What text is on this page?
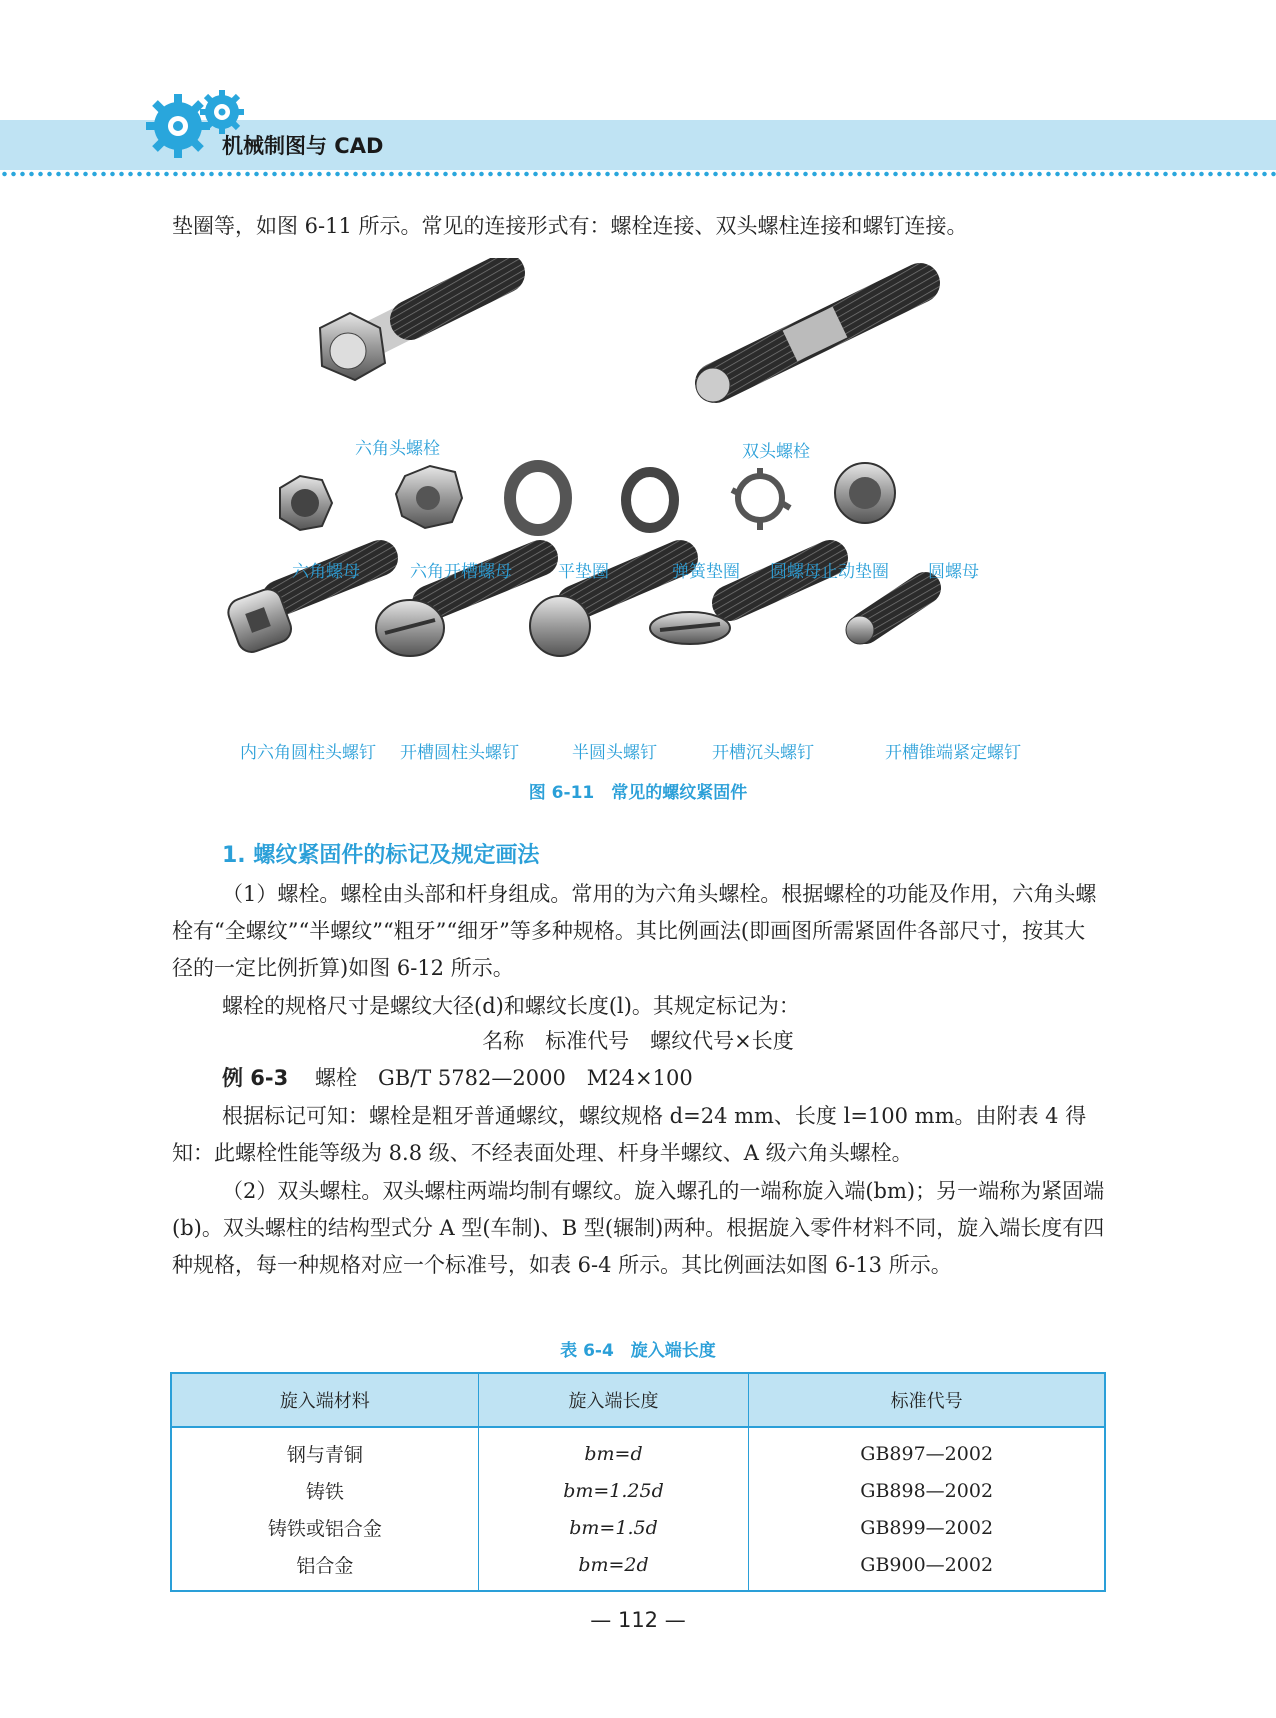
机械制图与 CAD

垫圈等，如图 6-11 所示。常见的连接形式有：螺栓连接、双头螺柱连接和螺钉连接。

六角头螺栓	双头螺栓
六角螺母	六角开槽螺母	平垫圈	弹簧垫圈 圆螺母止动垫圈 圆螺母
内六角圆柱头螺钉 开槽圆柱头螺钉	半圆头螺钉	开槽沉头螺钉	开槽锥端紧定螺钉
图 6-11　常见的螺纹紧固件
1. 螺纹紧固件的标记及规定画法

（1）螺栓。螺栓由头部和杆身组成。常用的为六角头螺栓。根据螺栓的功能及作用，六角头螺栓有“全螺纹”“半螺纹”“粗牙”“细牙”等多种规格。其比例画法(即画图所需紧固件各部尺寸，按其大径的一定比例折算)如图 6-12 所示。

螺栓的规格尺寸是螺纹大径(d)和螺纹长度(l)。其规定标记为：

名称　标准代号　螺纹代号×长度
例 6-3 螺栓　GB/T 5782—2000　M24×100

根据标记可知：螺栓是粗牙普通螺纹，螺纹规格 d=24 mm、长度 l=100 mm。由附表 4 得知：此螺栓性能等级为 8.8 级、不经表面处理、杆身半螺纹、A 级六角头螺栓。

（2）双头螺柱。双头螺柱两端均制有螺纹。旋入螺孔的一端称旋入端(bm)；另一端称为紧固端(b)。双头螺柱的结构型式分 A 型(车制)、B 型(辗制)两种。根据旋入零件材料不同，旋入端长度有四种规格，每一种规格对应一个标准号，如表 6-4 所示。其比例画法如图 6-13 所示。

表 6-4　旋入端长度
旋入端材料	旋入端长度	标准代号
钢与青铜	bm=d	GB897—2002
铸铁	bm=1.25d	GB898—2002
铸铁或铝合金	bm=1.5d	GB899—2002
铝合金	bm=2d	GB900—2002
— 112 —
